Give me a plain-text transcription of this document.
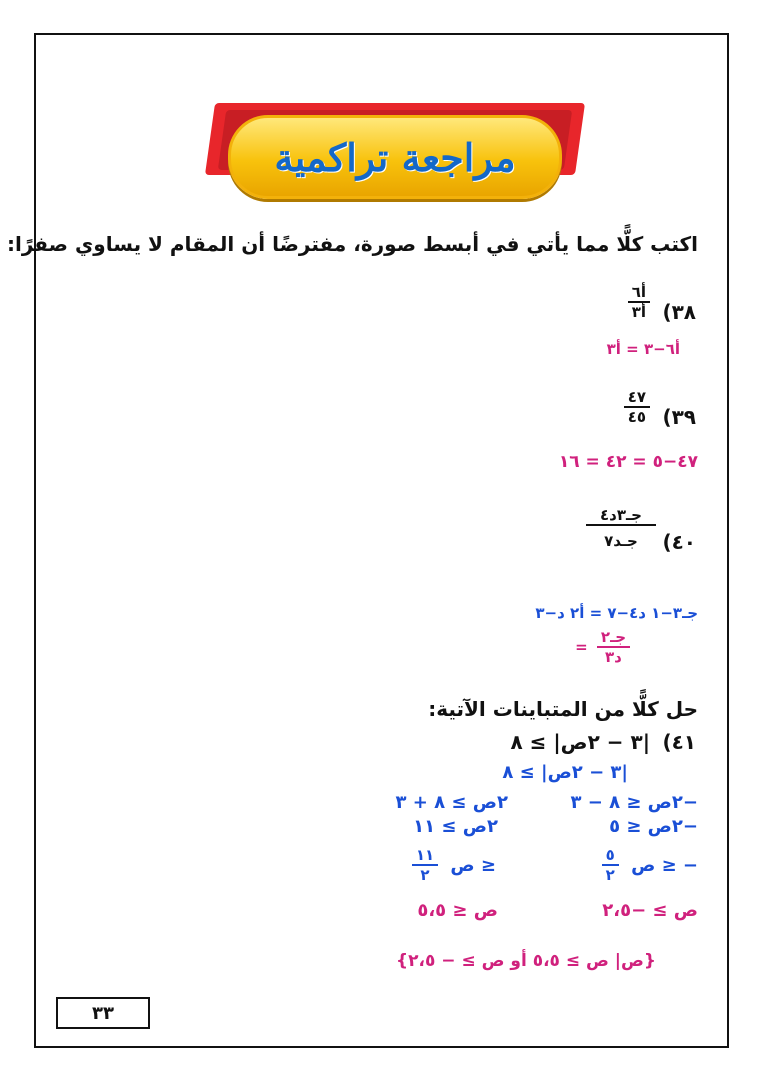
مراجعة تراكمية
اكتب كلًّا مما يأتي في أبسط صورة، مفترضًا أن المقام لا يساوي صفرًا:
٣٨)
$\frac{\text{أ٦}}{\text{أ٣}}$
أ٦−٣ = أ٣
٣٩)
$\frac{٤٧}{٤٥}$
٤٧−٥ = ٤٢ = ١٦
٤٠)
$\frac{\text{جـ٣د٤}}{\text{جـد٧}}$
جـ٣−١ د٤−٧ = أ٢ د−٣
= $\frac{\text{جـ٢}}{\text{د٣}}$
حل كلًّا من المتباينات الآتية:
٤١)
|٣ − ٢ص| ≥ ٨
|٣ − ٢ص| ≥ ٨
−٢ص ≤ ٨ − ٣
٢ص ≥ ٨ + ٣
−٢ص ≤ ٥
٢ص ≥ ١١
$\frac{٥}{٢}$ ص ≥ −
$\frac{١١}{٢}$ ص ≥
ص ≥ −٢،٥
ص ≤ ٥،٥
{ص| ص ≥ ٥،٥ أو ص ≥ − ٢،٥}
٣٣
